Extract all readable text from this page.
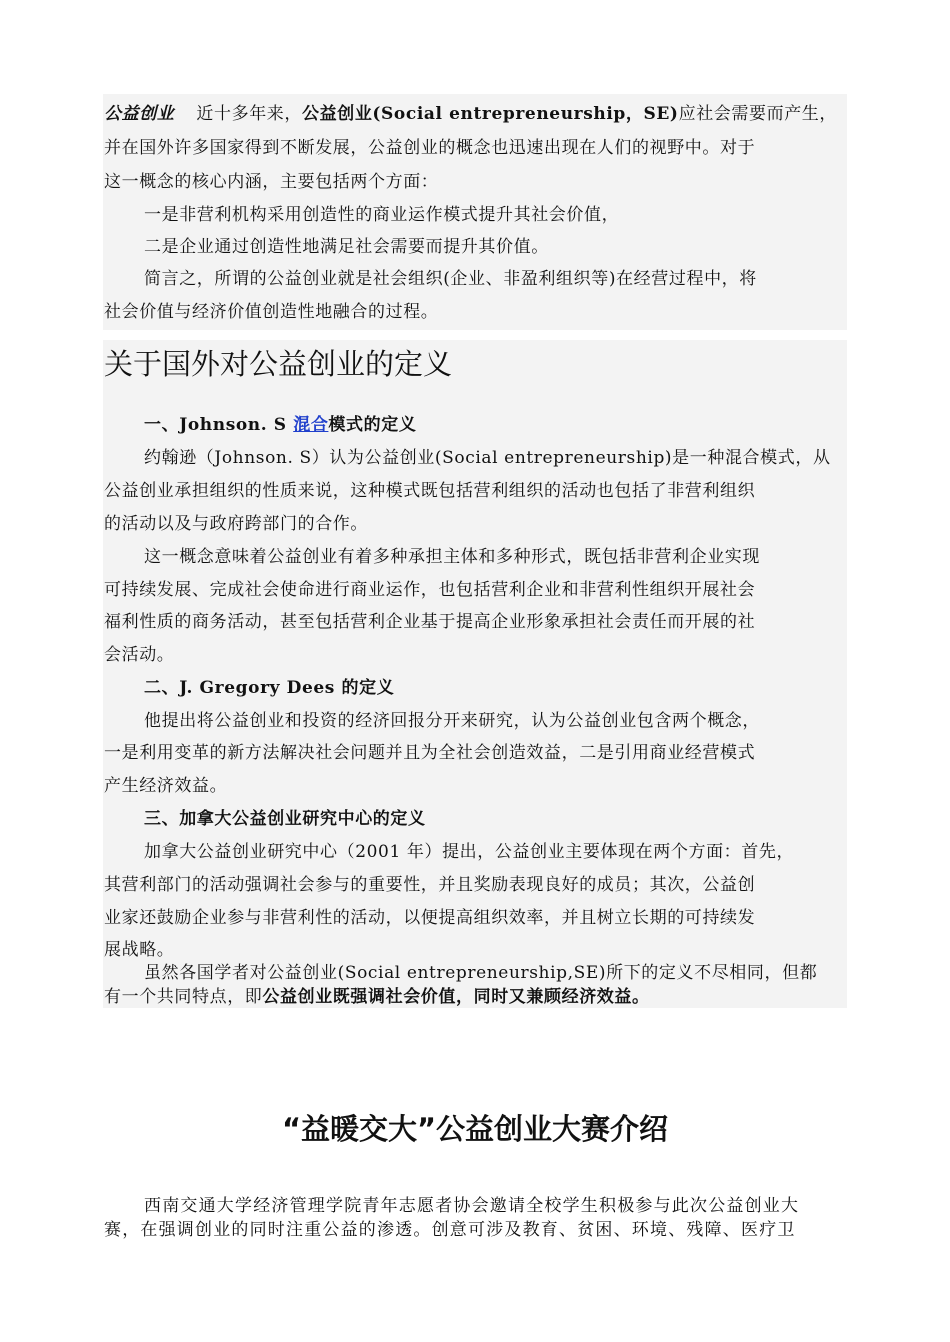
公益创业 近十多年来，公益创业(Social entrepreneurship，SE)应社会需要而产生，
并在国外许多国家得到不断发展，公益创业的概念也迅速出现在人们的视野中。对于
这一概念的核心内涵，主要包括两个方面：
一是非营利机构采用创造性的商业运作模式提升其社会价值，
二是企业通过创造性地满足社会需要而提升其价值。
简言之，所谓的公益创业就是社会组织(企业、非盈利组织等)在经营过程中，将
社会价值与经济价值创造性地融合的过程。
关于国外对公益创业的定义
一、Johnson. S 混合模式的定义
约翰逊（Johnson. S）认为公益创业(Social entrepreneurship)是一种混合模式，从
公益创业承担组织的性质来说，这种模式既包括营利组织的活动也包括了非营利组织
的活动以及与政府跨部门的合作。
这一概念意味着公益创业有着多种承担主体和多种形式，既包括非营利企业实现
可持续发展、完成社会使命进行商业运作，也包括营利企业和非营利性组织开展社会
福利性质的商务活动，甚至包括营利企业基于提高企业形象承担社会责任而开展的社
会活动。
二、J. Gregory Dees 的定义
他提出将公益创业和投资的经济回报分开来研究，认为公益创业包含两个概念，
一是利用变革的新方法解决社会问题并且为全社会创造效益，二是引用商业经营模式
产生经济效益。
三、加拿大公益创业研究中心的定义
加拿大公益创业研究中心（2001 年）提出，公益创业主要体现在两个方面：首先，
其营利部门的活动强调社会参与的重要性，并且奖励表现良好的成员；其次，公益创
业家还鼓励企业参与非营利性的活动，以便提高组织效率，并且树立长期的可持续发
展战略。
虽然各国学者对公益创业(Social entrepreneurship,SE)所下的定义不尽相同，但都
有一个共同特点，即公益创业既强调社会价值，同时又兼顾经济效益。
“益暖交大”公益创业大赛介绍
西南交通大学经济管理学院青年志愿者协会邀请全校学生积极参与此次公益创业大
赛，在强调创业的同时注重公益的渗透。创意可涉及教育、贫困、环境、残障、医疗卫
